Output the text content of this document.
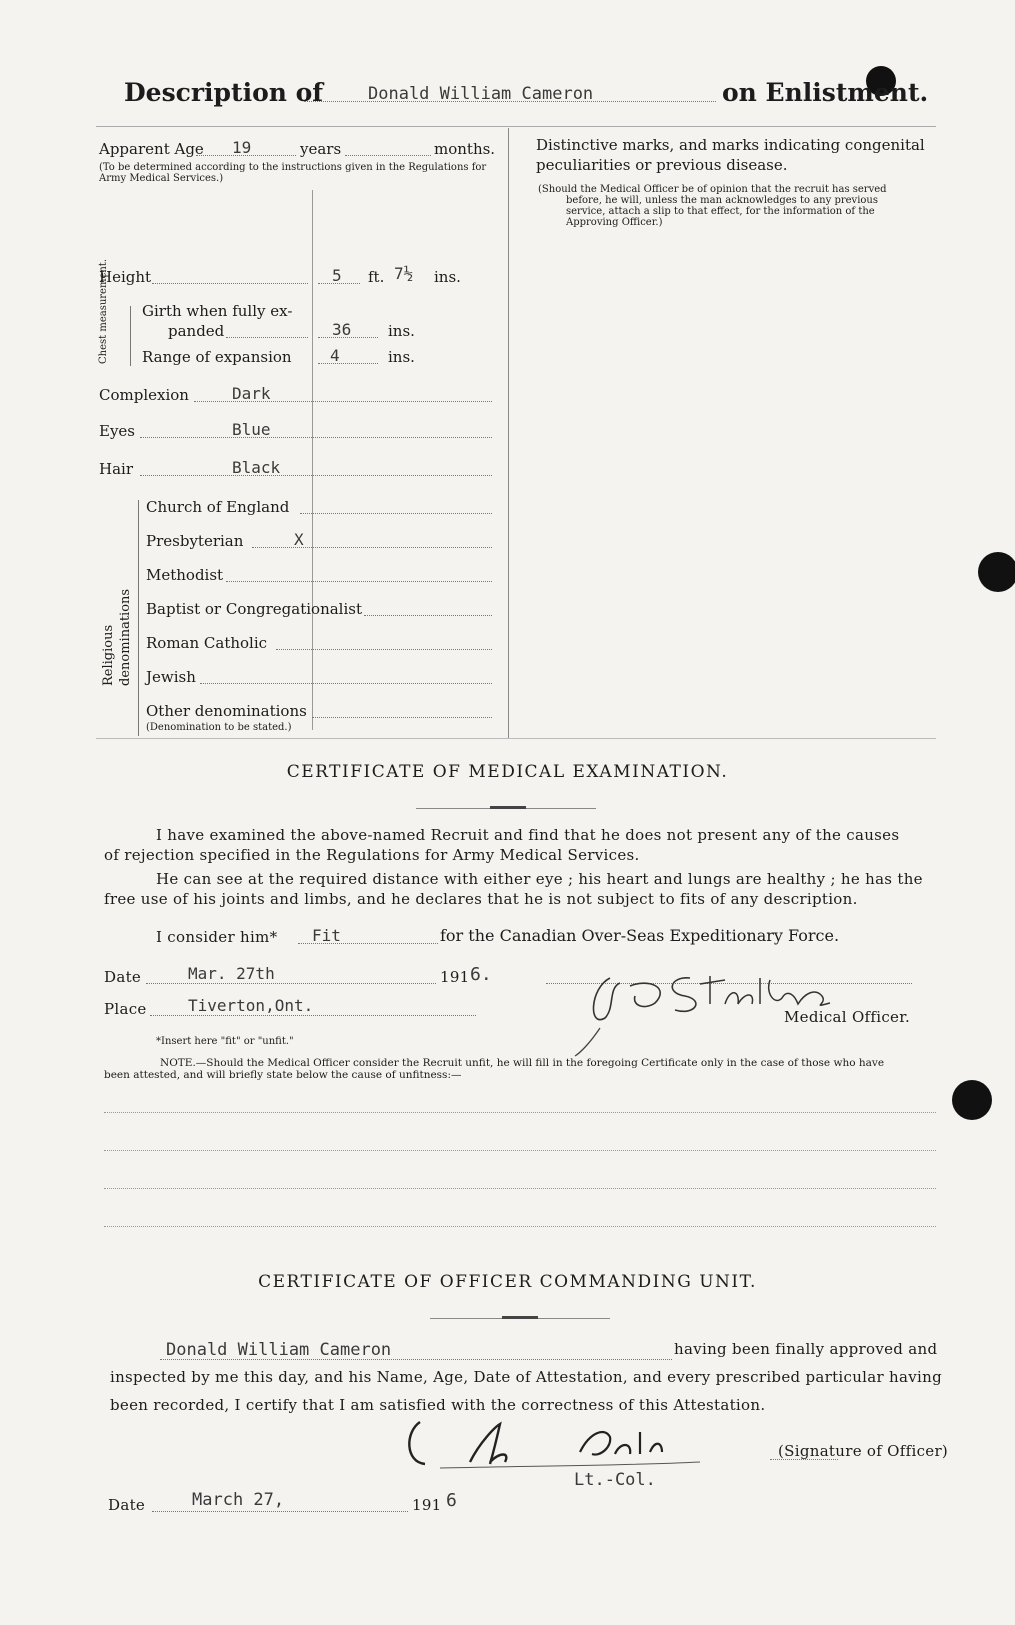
Description of	Donald William Cameron	on Enlistment.
Apparent Age 19	years	months.
(To be determined according to the instructions given in the Regulations for Army Medical Services.)
Height	5 ft. 7½ ins.
Chest measurement. Girth when fully ex-
panded	36 ins.
Range of expansion 4	ins.
Complexion	Dark
Eyes	Blue
Hair	Black
Religious denominations
Church of England
Presbyterian	X
Methodist
Baptist or Congregationalist
Roman Catholic
Jewish
Other denominations
(Denomination to be stated.)
Distinctive marks, and marks indicating congenital
peculiarities or previous disease.
(Should the Medical Officer be of opinion that the recruit has served
before, he will, unless the man acknowledges to any previous
service, attach a slip to that effect, for the information of the
Approving Officer.)
CERTIFICATE OF MEDICAL EXAMINATION.
I have examined the above-named Recruit and find that he does not present any of the causes
of rejection specified in the Regulations for Army Medical Services.
He can see at the required distance with either eye ; his heart and lungs are healthy ; he has the
free use of his joints and limbs, and he declares that he is not subject to fits of any description.
I consider him* Fit	for the Canadian Over-Seas Expeditionary Force.
Date	Mar. 27th	191 6.
Medical Officer.
Place	Tiverton,Ont.
*Insert here "fit" or "unfit."
NOTE.—Should the Medical Officer consider the Recruit unfit, he will fill in the foregoing Certificate only in the case of those who have
been attested, and will briefly state below the cause of unfitness:—
CERTIFICATE OF OFFICER COMMANDING UNIT.
Donald William Cameron	having been finally approved and
inspected by me this day, and his Name, Age, Date of Attestation, and every prescribed particular having
been recorded, I certify that I am satisfied with the correctness of this Attestation.
(Signature of Officer)
Lt.-Col.
Date	March 27,	191 6
